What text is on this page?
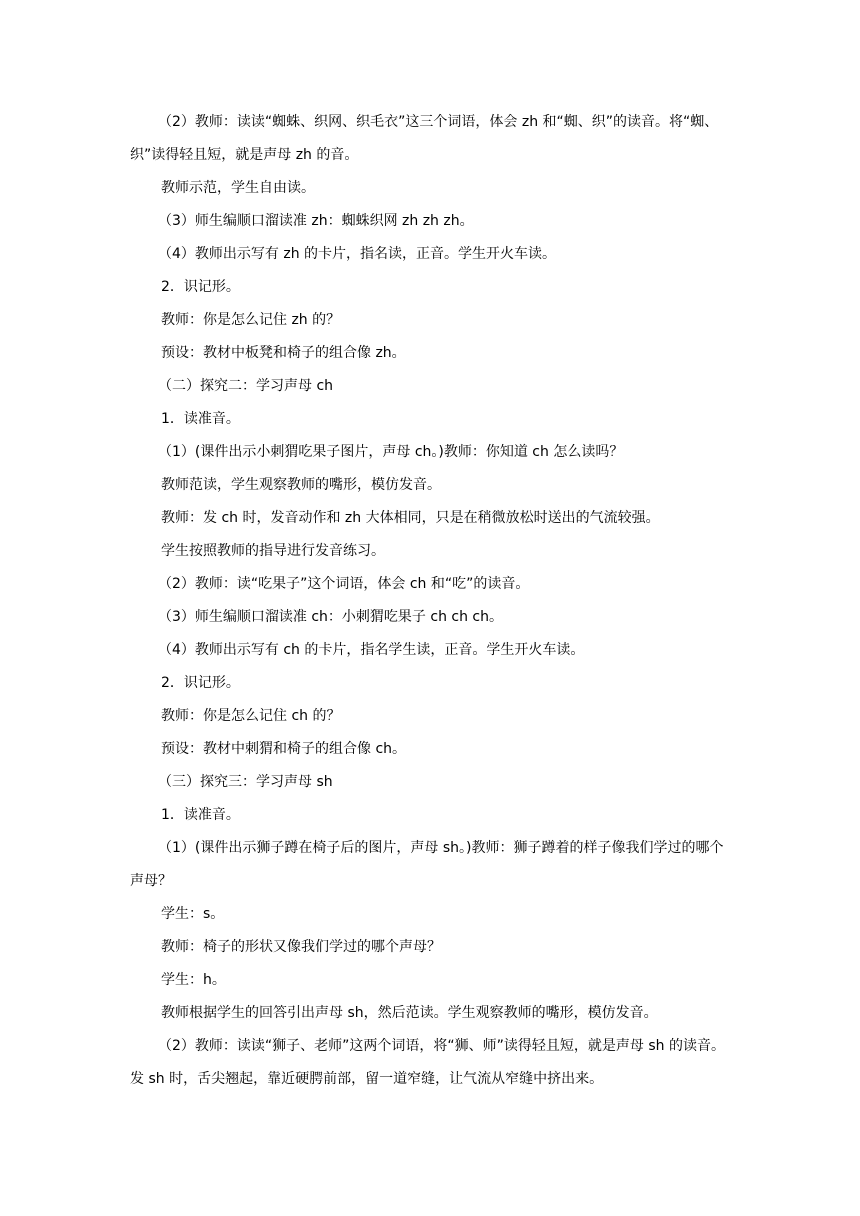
（2）教师：读读“蜘蛛、织网、织毛衣”这三个词语，体会 zh 和“蜘、织”的读音。将“蜘、织”读得轻且短，就是声母 zh 的音。

教师示范，学生自由读。

（3）师生编顺口溜读准 zh：蜘蛛织网 zh zh zh。

（4）教师出示写有 zh 的卡片，指名读，正音。学生开火车读。

2．识记形。

教师：你是怎么记住 zh 的？

预设：教材中板凳和椅子的组合像 zh。

（二）探究二：学习声母 ch

1．读准音。

（1）(课件出示小刺猬吃果子图片，声母 ch。)教师：你知道 ch 怎么读吗？

教师范读，学生观察教师的嘴形，模仿发音。

教师：发 ch 时，发音动作和 zh 大体相同，只是在稍微放松时送出的气流较强。

学生按照教师的指导进行发音练习。

（2）教师：读“吃果子”这个词语，体会 ch 和“吃”的读音。

（3）师生编顺口溜读准 ch：小刺猬吃果子 ch ch ch。

（4）教师出示写有 ch 的卡片，指名学生读，正音。学生开火车读。

2．识记形。

教师：你是怎么记住 ch 的？

预设：教材中刺猬和椅子的组合像 ch。

（三）探究三：学习声母 sh

1．读准音。

（1）(课件出示狮子蹲在椅子后的图片，声母 sh。)教师：狮子蹲着的样子像我们学过的哪个声母？

学生：s。

教师：椅子的形状又像我们学过的哪个声母？

学生：h。

教师根据学生的回答引出声母 sh，然后范读。学生观察教师的嘴形，模仿发音。

（2）教师：读读“狮子、老师”这两个词语，将“狮、师”读得轻且短，就是声母 sh 的读音。发 sh 时，舌尖翘起，靠近硬腭前部，留一道窄缝，让气流从窄缝中挤出来。
